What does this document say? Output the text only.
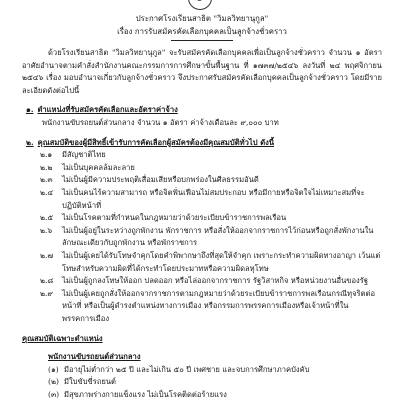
ประกาศโรงเรียนสาธิต "วิมลวิทยานุกูล"
เรื่อง การรับสมัครคัดเลือกบุคคลเป็นลูกจ้างชั่วคราว

ด้วยโรงเรียนสาธิต "วิมลวิทยานุกูล" จะรับสมัครคัดเลือกบุคคลเพื่อเป็นลูกจ้างชั่วคราว จำนวน ๑ อัตรา อาศัยอำนาจตามคำสั่งสำนักงานคณะกรรมการการศึกษาขั้นพื้นฐาน ที่ ๑๗๓๗/๒๕๔๖ ลงวันที่ ๒๔ พฤศจิกายน ๒๕๔๖ เรื่อง มอบอำนาจเกี่ยวกับลูกจ้างชั่วคราว จึงประกาศรับสมัครคัดเลือกบุคคลเป็นลูกจ้างชั่วคราว โดยมีรายละเอียดดังต่อไปนี้

๑. ตำแหน่งที่รับสมัครคัดเลือกและอัตราค่าจ้าง

พนักงานขับรถยนต์ส่วนกลาง จำนวน ๑ อัตรา ค่าจ้างเดือนละ ๙,๐๐๐ บาท

๒. คุณสมบัติของผู้มีสิทธิ์เข้ารับการคัดเลือกผู้สมัครต้องมีคุณสมบัติทั่วไป ดังนี้

๒.๑	มีสัญชาติไทย
๒.๒	ไม่เป็นบุคคลล้มละลาย
๒.๓	ไม่เป็นผู้มีความประพฤติเสื่อมเสียหรือบกพร่องในศีลธรรมอันดี
๒.๔	ไม่เป็นคนไร้ความสามารถ หรือจิตฟั่นเฟือนไม่สมประกอบ หรือมีกายหรือจิตใจไม่เหมาะสมที่จะปฏิบัติหน้าที่
๒.๕	ไม่เป็นโรคตามที่กำหนดในกฎหมายว่าด้วยระเบียบข้าราชการพลเรือน
๒.๖	ไม่เป็นผู้อยู่ในระหว่างถูกพักงาน พักราชการ หรือสั่งให้ออกจากราชการไว้ก่อนหรือถูกสั่งพักงานในลักษณะเดียวกับถูกพักงาน หรือพักราชการ
๒.๗	ไม่เป็นผู้เคยได้รับโทษจำคุกโดยคำพิพากษาถึงที่สุดให้จำคุก เพราะกระทำความผิดทางอาญา เว้นแต่โทษสำหรับความผิดที่ได้กระทำโดยประมาทหรือความผิดลหุโทษ
๒.๘	ไม่เป็นผู้ถูกลงโทษให้ออก ปลดออก หรือไล่ออกจากราชการ รัฐวิสาหกิจ หรือหน่วยงานอื่นของรัฐ
๒.๙	ไม่เป็นผู้เคยถูกสั่งให้ออกจากราชการตามกฎหมายว่าด้วยระเบียบข้าราชการพลเรือนกรณีทุจริตต่อหน้าที่ หรือเป็นผู้ดำรงตำแหน่งทางการเมือง หรือกรรมการพรรคการเมืองหรือเจ้าหน้าที่ในพรรคการเมือง

คุณสมบัติเฉพาะตำแหน่ง

พนักงานขับรถยนต์ส่วนกลาง

(๑) มีอายุไม่ต่ำกว่า ๒๕ ปี และไม่เกิน ๕๐ ปี เพศชาย และจบการศึกษาภาคบังคับ
(๒) มีใบขับขี่รถยนต์
(๓) มีสุขภาพร่างกายแข็งแรง ไม่เป็นโรคติดต่อร้ายแรง
